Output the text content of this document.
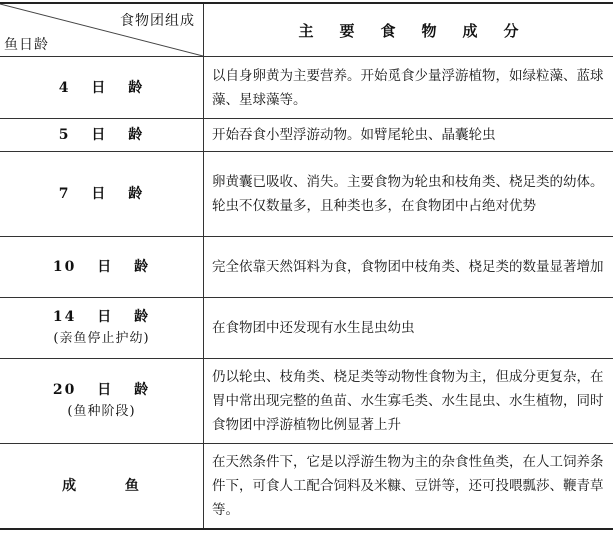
食物团组成
鱼日龄
主要食物成分
4 日 龄
以自身卵黄为主要营养。开始觅食少量浮游植物，如绿粒藻、蓝球藻、星球藻等。
5 日 龄	开始吞食小型浮游动物。如臂尾轮虫、晶囊轮虫
7 日 龄
卵黄囊已吸收、消失。主要食物为轮虫和枝角类、桡足类的幼体。轮虫不仅数量多，且种类也多，在食物团中占绝对优势
10 日 龄	完全依靠天然饵料为食，食物团中枝角类、桡足类的数量显著增加
14 日 龄
(亲鱼停止护幼)
在食物团中还发现有水生昆虫幼虫
20 日 龄
(鱼种阶段)
仍以轮虫、枝角类、桡足类等动物性食物为主，但成分更复杂，在胃中常出现完整的鱼苗、水生寡毛类、水生昆虫、水生植物，同时食物团中浮游植物比例显著上升
成 鱼
在天然条件下，它是以浮游生物为主的杂食性鱼类，在人工饲养条件下，可食人工配合饲料及米糠、豆饼等，还可投喂瓢莎、鞭青草等。
